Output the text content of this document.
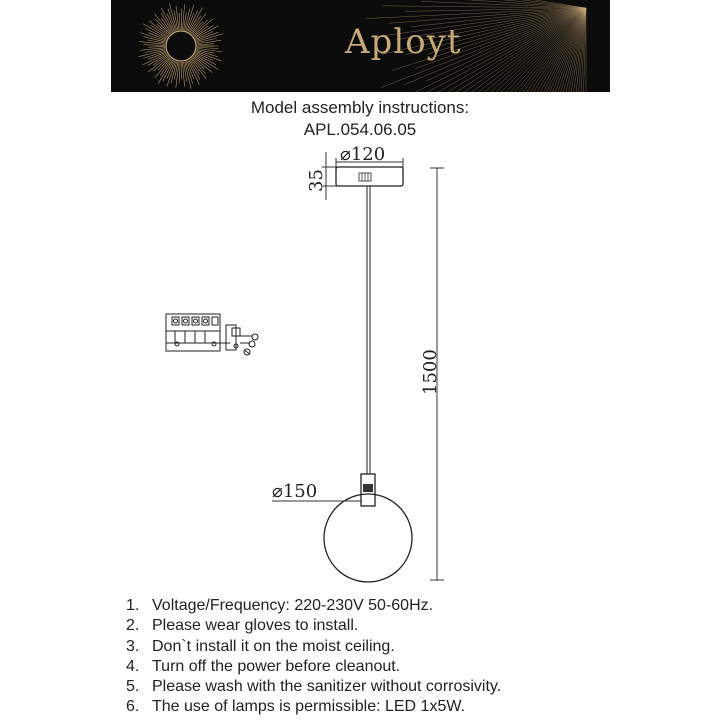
Aployt
Model assembly instructions:
APL.054.06.05
⌀120
35
1500
⌀150
1. Voltage/Frequency: 220-230V 50-60Hz.
2. Please wear gloves to install.
3. Don`t install it on the moist ceiling.
4. Turn off the power before cleanout.
5. Please wash with the sanitizer without corrosivity.
6. The use of lamps is permissible: LED 1x5W.
